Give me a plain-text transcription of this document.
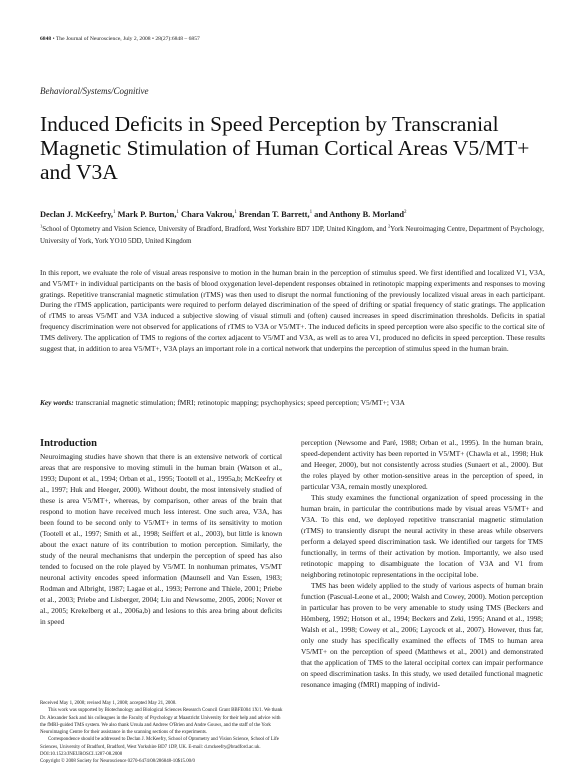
6848 • The Journal of Neuroscience, July 2, 2008 • 28(27):6848 – 6857
Behavioral/Systems/Cognitive
Induced Deficits in Speed Perception by Transcranial Magnetic Stimulation of Human Cortical Areas V5/MT+ and V3A
Declan J. McKeefry,$^1$ Mark P. Burton,$^1$ Chara Vakrou,$^1$ Brendan T. Barrett,$^1$ and Anthony B. Morland$^2$
$^1$School of Optometry and Vision Science, University of Bradford, Bradford, West Yorkshire BD7 1DP, United Kingdom, and $^2$York Neuroimaging Centre, Department of Psychology, University of York, York YO10 5DD, United Kingdom

In this report, we evaluate the role of visual areas responsive to motion in the human brain in the perception of stimulus speed. We first identified and localized V1, V3A, and V5/MT+ in individual participants on the basis of blood oxygenation level-dependent responses obtained in retinotopic mapping experiments and responses to moving gratings. Repetitive transcranial magnetic stimulation (rTMS) was then used to disrupt the normal functioning of the previously localized visual areas in each participant. During the rTMS application, participants were required to perform delayed discrimination of the speed of drifting or spatial frequency of static gratings. The application of rTMS to areas V5/MT and V3A induced a subjective slowing of visual stimuli and (often) caused increases in speed discrimination thresholds. Deficits in spatial frequency discrimination were not observed for applications of rTMS to V3A or V5/MT+. The induced deficits in speed perception were also specific to the cortical site of TMS delivery. The application of TMS to regions of the cortex adjacent to V5/MT and V3A, as well as to area V1, produced no deficits in speed perception. These results suggest that, in addition to area V5/MT+, V3A plays an important role in a cortical network that underpins the perception of stimulus speed in the human brain.

Key words: transcranial magnetic stimulation; fMRI; retinotopic mapping; psychophysics; speed perception; V5/MT+; V3A
Introduction

Neuroimaging studies have shown that there is an extensive network of cortical areas that are responsive to moving stimuli in the human brain (Watson et al., 1993; Dupont et al., 1994; Orban et al., 1995; Tootell et al., 1995a,b; McKeefry et al., 1997; Huk and Heeger, 2000). Without doubt, the most intensively studied of these is area V5/MT+, whereas, by comparison, other areas of the brain that respond to motion have received much less interest. One such area, V3A, has been found to be second only to V5/MT+ in terms of its sensitivity to motion (Tootell et al., 1997; Smith et al., 1998; Seiffert et al., 2003), but little is known about the exact nature of its contribution to motion perception. Similarly, the study of the neural mechanisms that underpin the perception of speed has also tended to focused on the role played by V5/MT. In nonhuman primates, V5/MT neuronal activity encodes speed information (Maunsell and Van Essen, 1983; Rodman and Albright, 1987; Lagae et al., 1993; Perrone and Thiele, 2001; Priebe et al., 2003; Priebe and Lisberger, 2004; Liu and Newsome, 2005, 2006; Nover et al., 2005; Krekelberg et al., 2006a,b) and lesions to this area bring about deficits in speed

perception (Newsome and Paré, 1988; Orban et al., 1995). In the human brain, speed-dependent activity has been reported in V5/MT+ (Chawla et al., 1998; Huk and Heeger, 2000), but not consistently across studies (Sunaert et al., 2000). But the roles played by other motion-sensitive areas in the perception of speed, in particular V3A, remain mostly unexplored.

This study examines the functional organization of speed processing in the human brain, in particular the contributions made by visual areas V5/MT+ and V3A. To this end, we deployed repetitive transcranial magnetic stimulation (rTMS) to transiently disrupt the neural activity in these areas while observers perform a delayed speed discrimination task. We identified our targets for TMS functionally, in terms of their activation by motion. Importantly, we also used retinotopic mapping to disambiguate the location of V3A and V1 from neighboring retinotopic representations in the occipital lobe.

TMS has been widely applied to the study of various aspects of human brain function (Pascual-Leone et al., 2000; Walsh and Cowey, 2000). Motion perception in particular has proven to be very amenable to study using TMS (Beckers and Hömberg, 1992; Hotson et al., 1994; Beckers and Zeki, 1995; Anand et al., 1998; Walsh et al., 1998; Cowey et al., 2006; Laycock et al., 2007). However, thus far, only one study has specifically examined the effects of TMS to human area V5/MT+ on the perception of speed (Matthews et al., 2001) and demonstrated that the application of TMS to the lateral occipital cortex can impair performance on speed discrimination tasks. In this study, we used detailed functional magnetic resonance imaging (fMRI) mapping of individ-

Received May 1, 2008; revised May 1, 2008; accepted May 21, 2008.

This work was supported by Biotechnology and Biological Sciences Research Council Grant BBFE004 1X/1. We thank Dr. Alexander Sack and his colleagues in the Faculty of Psychology at Maastricht University for their help and advice with the fMRI-guided TMS system. We also thank Ursula and Andrew O'Brien and Andre Gouws, and the staff of the York Neuroimaging Centre for their assistance in the scanning sections of the experiments.

Correspondence should be addressed to Declan J. McKeefry, School of Optometry and Vision Science, School of Life Sciences, University of Bradford, Bradford, West Yorkshire BD7 1DP, UK. E-mail: d.mckeefry@bradford.ac.uk.

DOI:10.1523/JNEUROSCI.1287-08.2008

Copyright © 2008 Society for Neuroscience 0270-6474/08/286848-10$15.00/0
